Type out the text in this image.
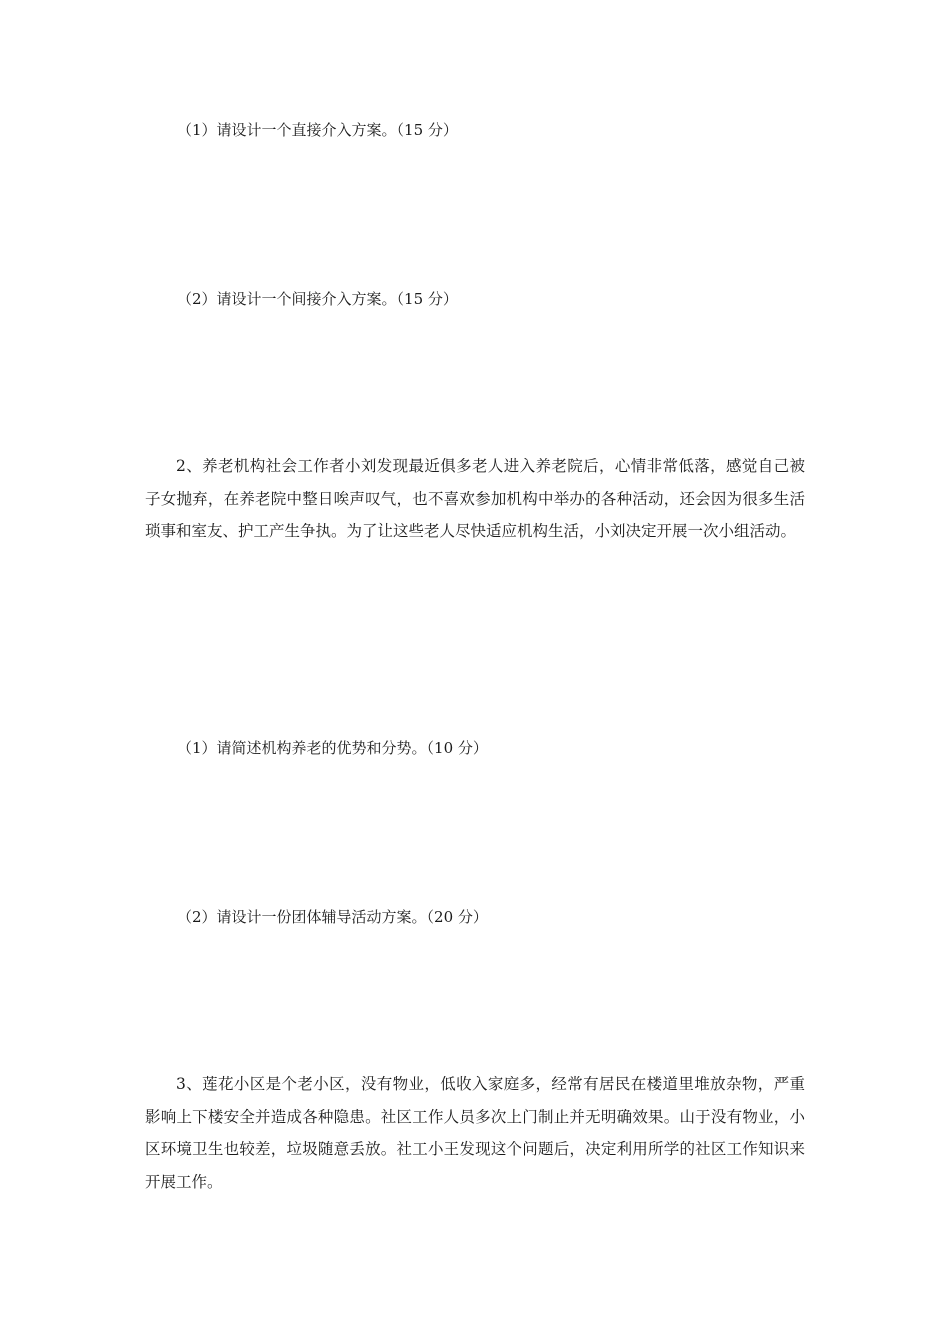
（1）请设计一个直接介入方案。（15 分）
（2）请设计一个间接介入方案。（15 分）
2、养老机构社会工作者小刘发现最近俱多老人进入养老院后，心情非常低落，感觉自己被子女抛弃，在养老院中整日唉声叹气，也不喜欢参加机构中举办的各种活动，还会因为很多生活琐事和室友、护工产生争执。为了让这些老人尽快适应机构生活，小刘决定开展一次小组活动。
（1）请简述机构养老的优势和分势。（10 分）
（2）请设计一份团体辅导活动方案。（20 分）
3、莲花小区是个老小区，没有物业，低收入家庭多，经常有居民在楼道里堆放杂物，严重影响上下楼安全并造成各种隐患。社区工作人员多次上门制止并无明确效果。山于没有物业，小区环境卫生也较差，垃圾随意丢放。社工小王发现这个问题后，决定利用所学的社区工作知识来开展工作。
